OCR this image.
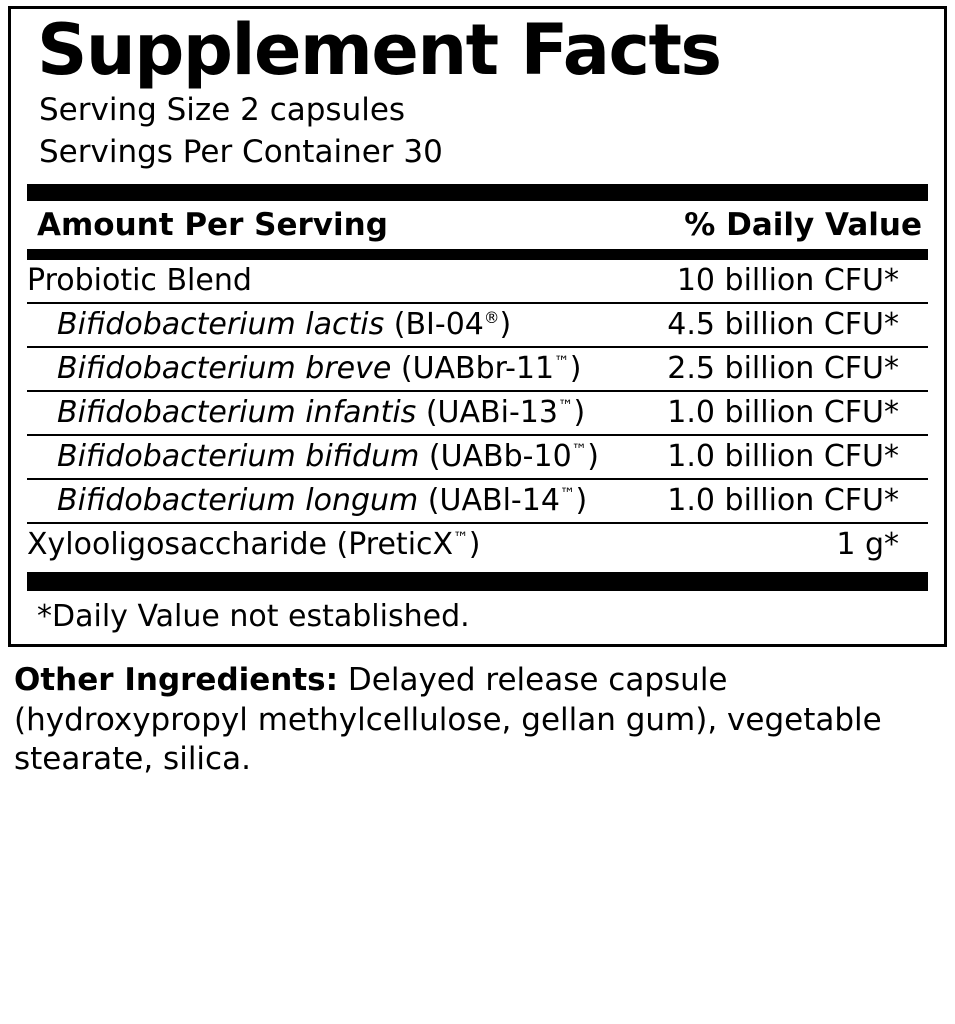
Supplement Facts
Serving Size 2 capsules
Servings Per Container 30
Amount Per Serving	% Daily Value
Probiotic Blend	10 billion CFU	*
Bifidobacterium lactis (BI-04®)	4.5 billion CFU	*
Bifidobacterium breve (UABbr-11™)	2.5 billion CFU	*
Bifidobacterium infantis (UABi-13™)	1.0 billion CFU	*
Bifidobacterium bifidum (UABb-10™)	1.0 billion CFU	*
Bifidobacterium longum (UABl-14™)	1.0 billion CFU	*
Xylooligosaccharide (PreticX™)	1 g	*
*Daily Value not established.
Other Ingredients: Delayed release capsule (hydroxypropyl methylcellulose, gellan gum), vegetable stearate, silica.
